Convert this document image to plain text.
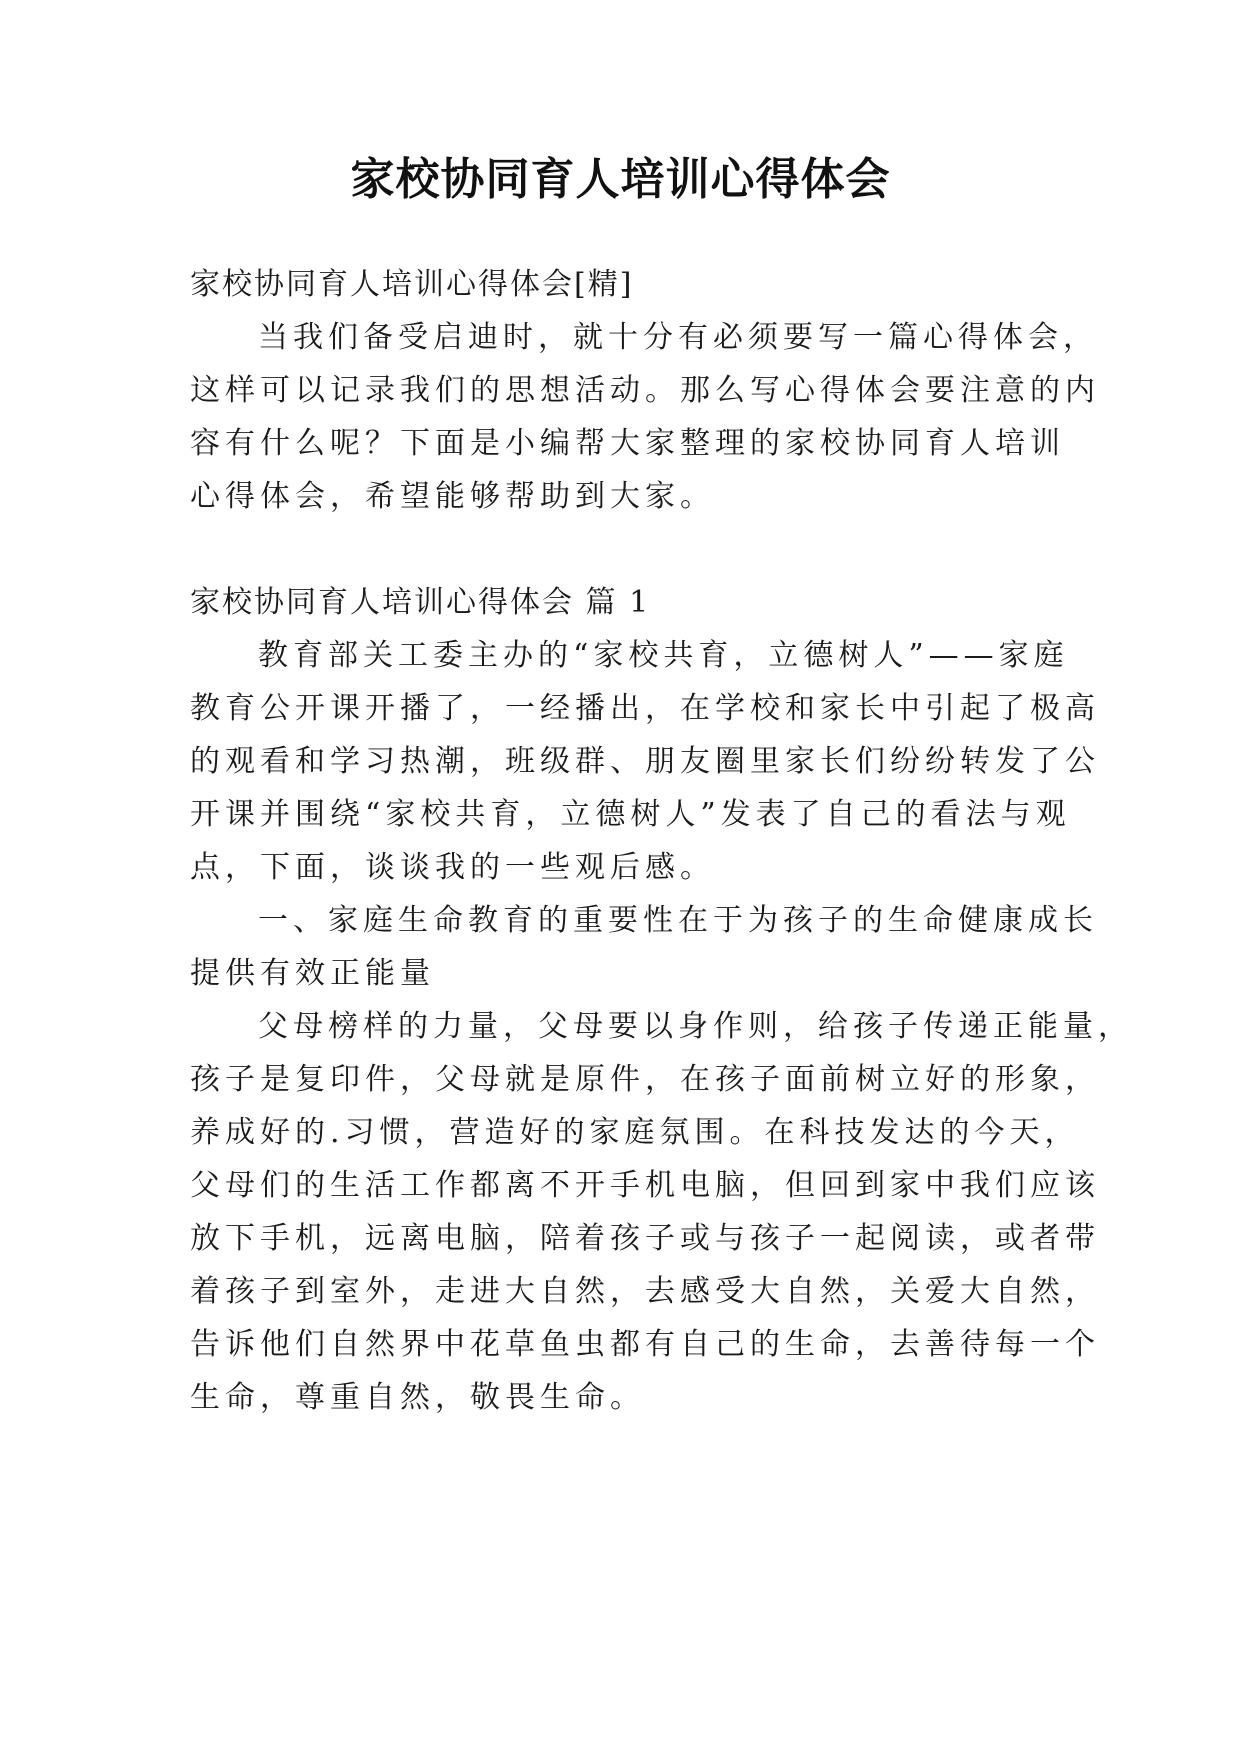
家校协同育人培训心得体会

家校协同育人培训心得体会[精]

当我们备受启迪时，就十分有必须要写一篇心得体会，

这样可以记录我们的思想活动。那么写心得体会要注意的内

容有什么呢？下面是小编帮大家整理的家校协同育人培训

心得体会，希望能够帮助到大家。

家校协同育人培训心得体会 篇 1

教育部关工委主办的“家校共育，立德树人”——家庭

教育公开课开播了，一经播出，在学校和家长中引起了极高

的观看和学习热潮，班级群、朋友圈里家长们纷纷转发了公

开课并围绕“家校共育，立德树人”发表了自己的看法与观

点，下面，谈谈我的一些观后感。

一、家庭生命教育的重要性在于为孩子的生命健康成长

提供有效正能量

父母榜样的力量，父母要以身作则，给孩子传递正能量，

孩子是复印件，父母就是原件，在孩子面前树立好的形象，

养成好的.习惯，营造好的家庭氛围。在科技发达的今天，

父母们的生活工作都离不开手机电脑，但回到家中我们应该

放下手机，远离电脑，陪着孩子或与孩子一起阅读，或者带

着孩子到室外，走进大自然，去感受大自然，关爱大自然，

告诉他们自然界中花草鱼虫都有自己的生命，去善待每一个

生命，尊重自然，敬畏生命。
